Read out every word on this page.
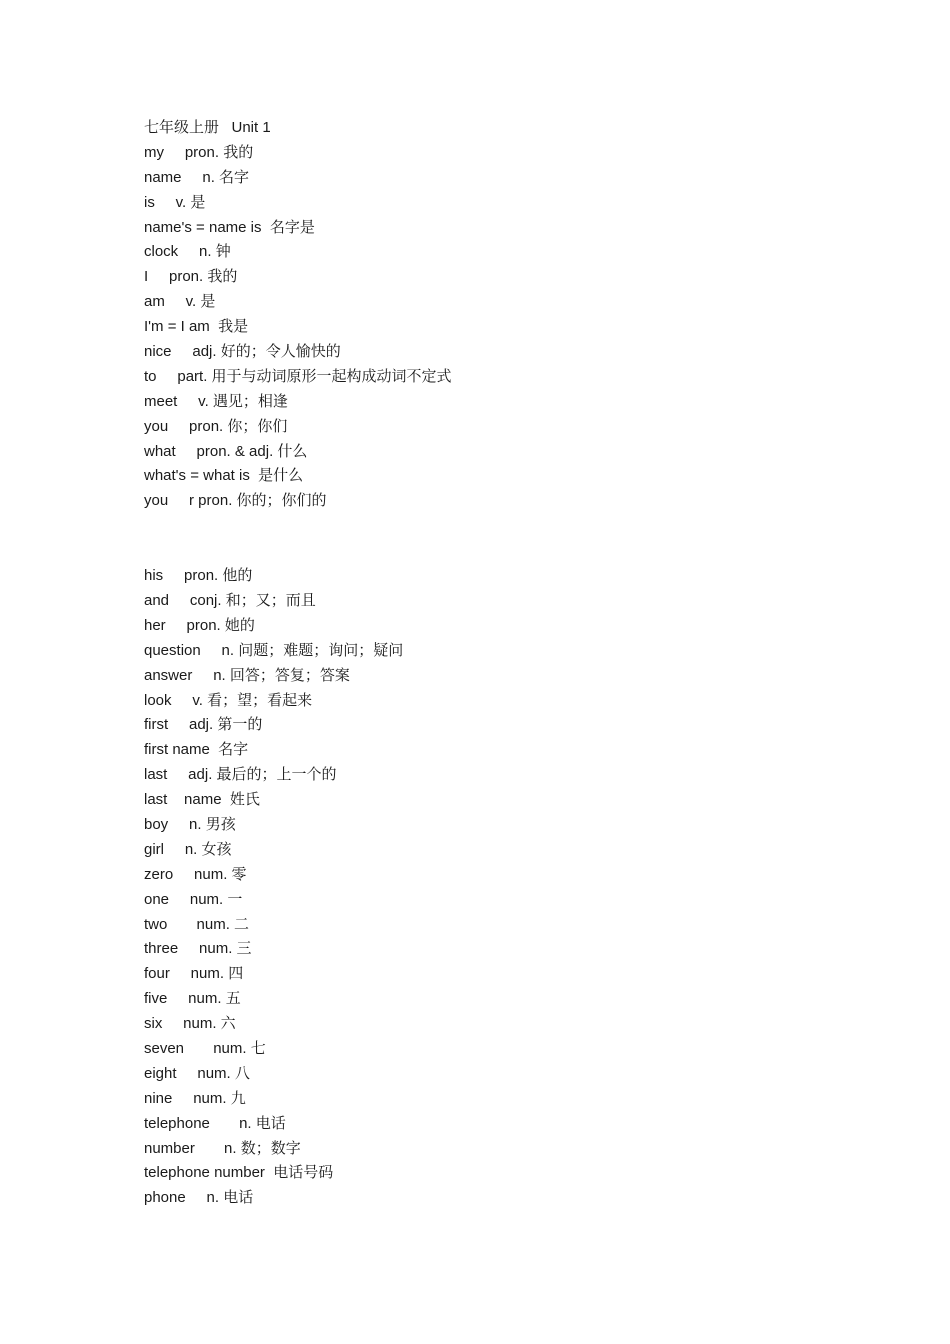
七年级上册   Unit 1
my     pron. 我的
name     n. 名字
is     v. 是
name's = name is  名字是
clock     n. 钟
I     pron. 我的
am     v. 是
I'm = I am  我是
nice     adj. 好的；令人愉快的
to     part. 用于与动词原形一起构成动词不定式
meet     v. 遇见；相逢
you     pron. 你；你们
what     pron. & adj. 什么
what's = what is  是什么
you     r pron. 你的；你们的
his     pron. 他的
and     conj. 和；又；而且
her     pron. 她的
question     n. 问题；难题；询问；疑问
answer     n. 回答；答复；答案
look     v. 看；望；看起来
first     adj. 第一的
first name  名字
last     adj. 最后的；上一个的
last    name  姓氏
boy     n. 男孩
girl     n. 女孩
zero     num. 零
one     num. 一
two       num. 二
three     num. 三
four     num. 四
five     num. 五
six     num. 六
seven       num. 七
eight     num. 八
nine     num. 九
telephone       n. 电话
number       n. 数；数字
telephone number  电话号码
phone     n. 电话
